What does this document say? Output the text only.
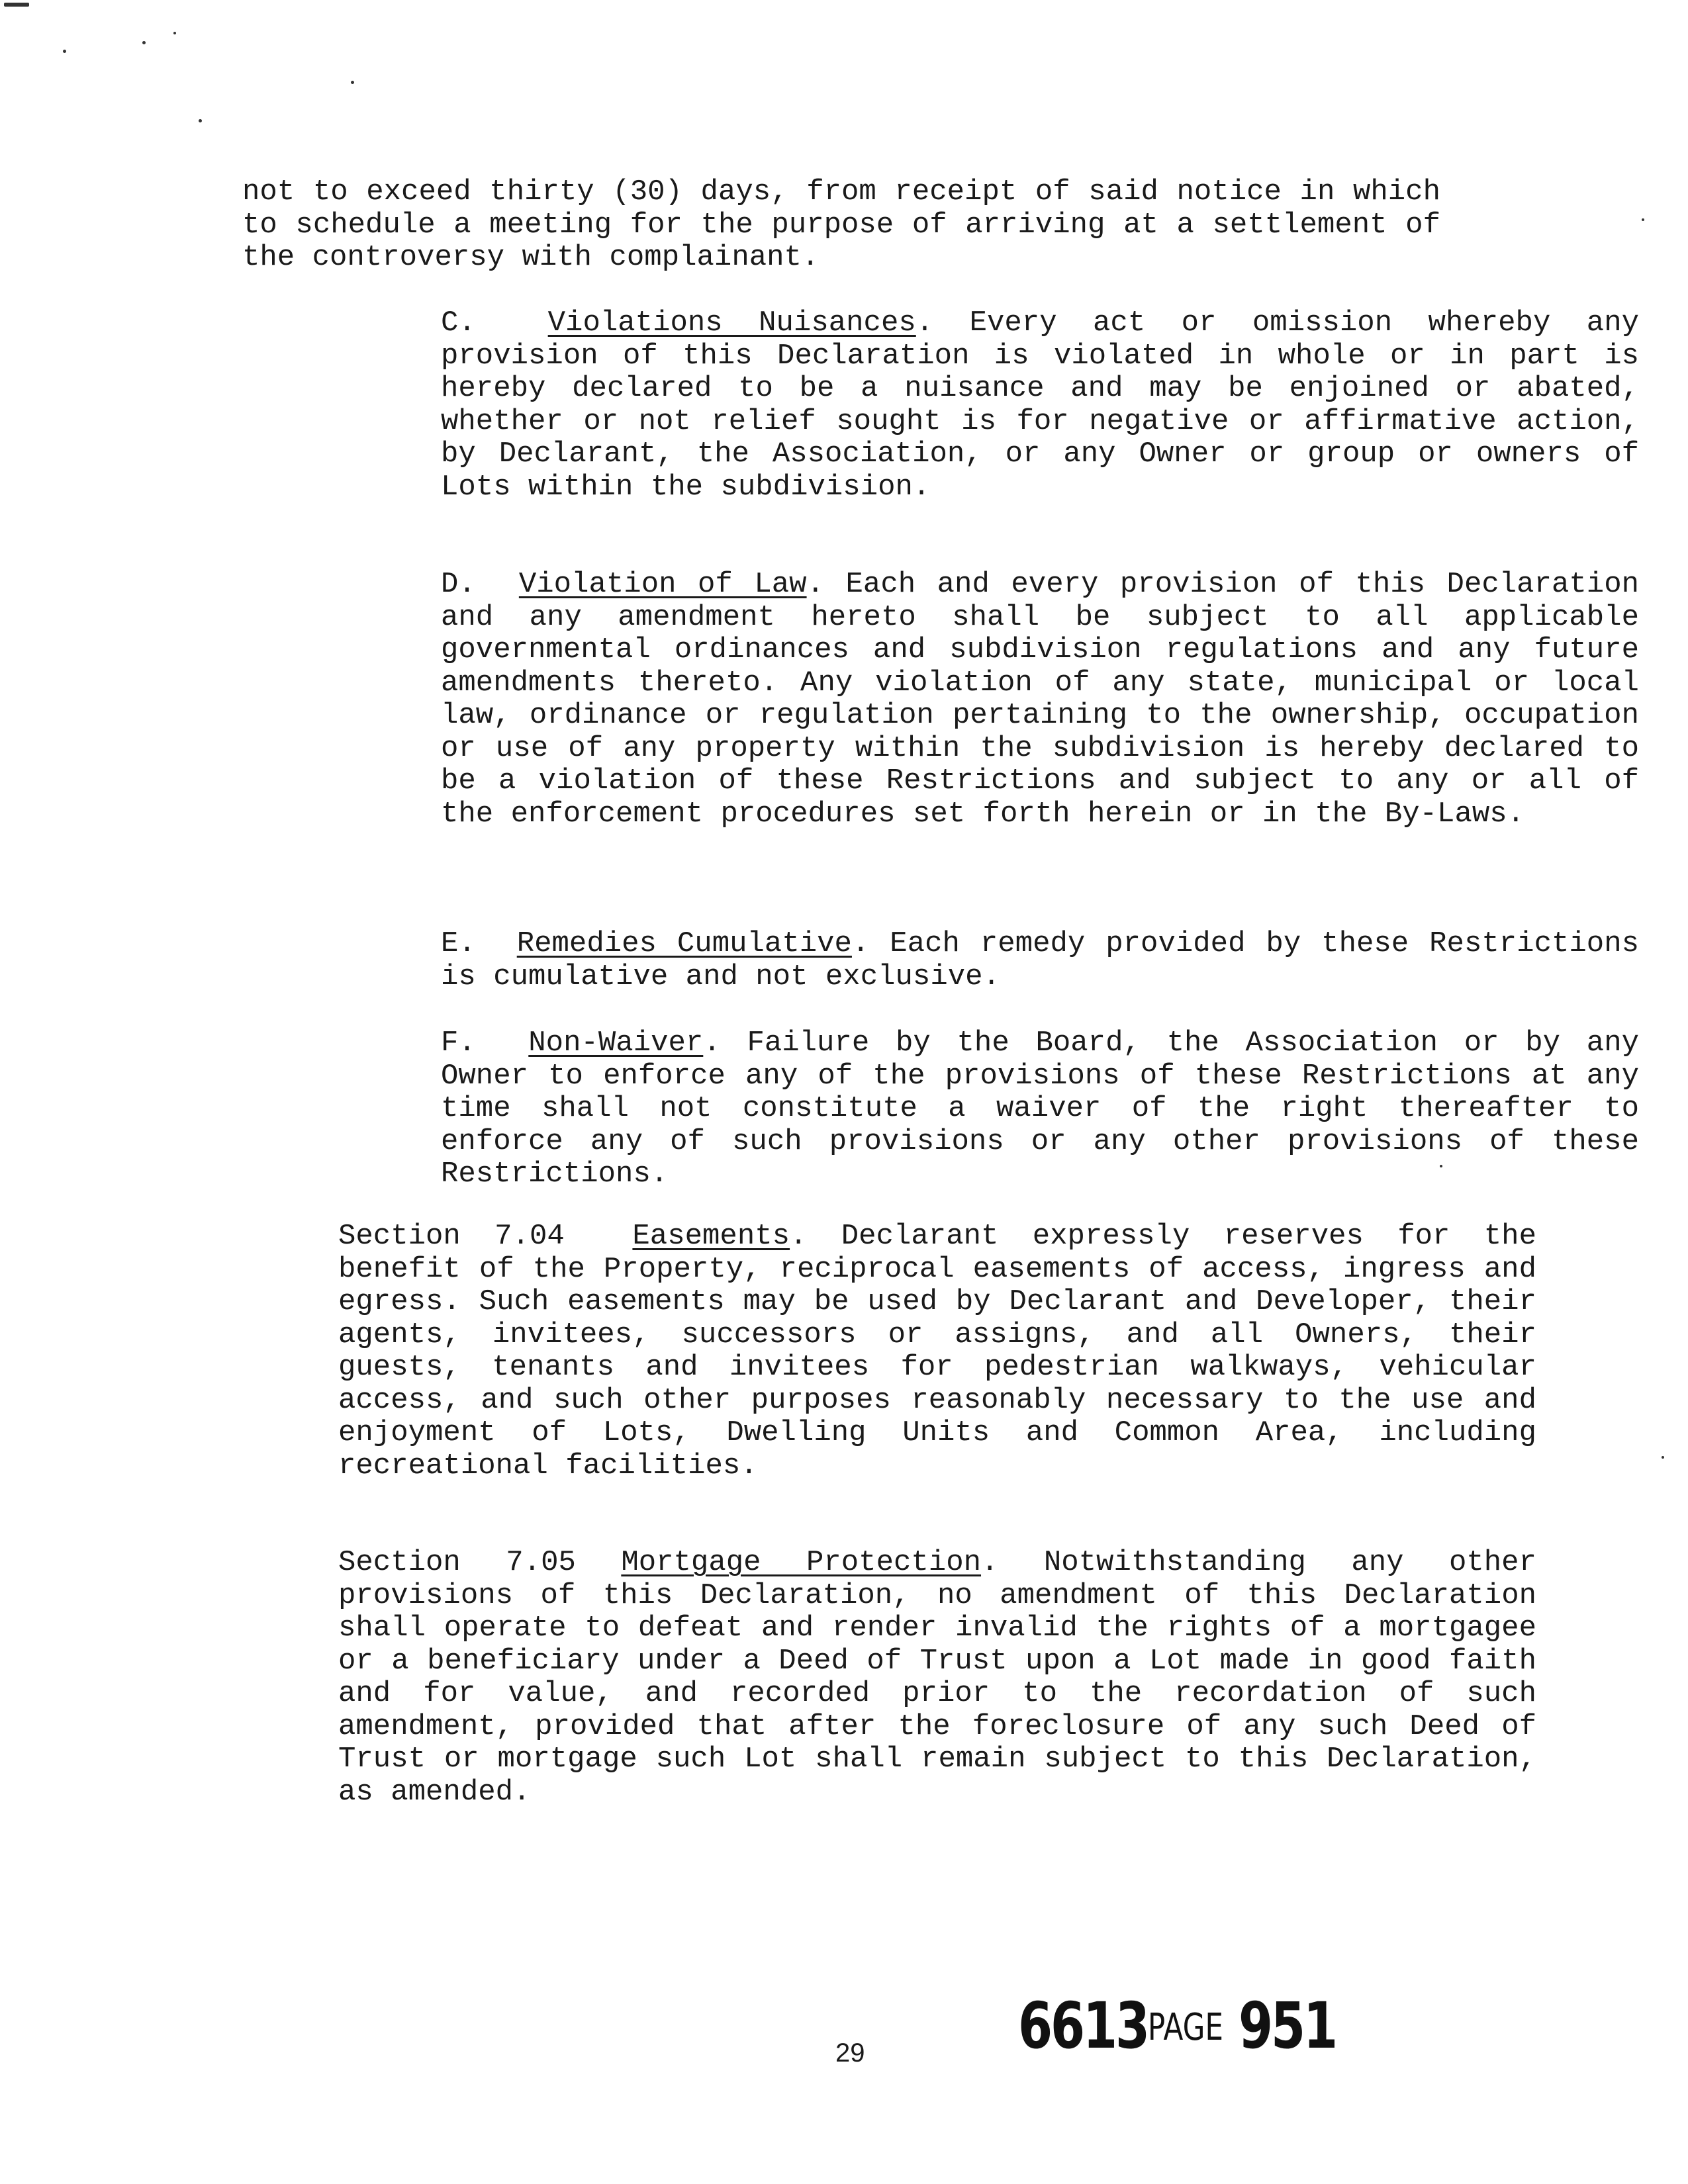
not to exceed thirty (30) days, from receipt of said notice in which to schedule a meeting for the purpose of arriving at a settlement of the controversy with complainant.

C. Violations Nuisances. Every act or omission whereby any provision of this Declaration is violated in whole or in part is hereby declared to be a nuisance and may be enjoined or abated, whether or not relief sought is for negative or affirmative action, by Declarant, the Association, or any Owner or group or owners of Lots within the subdivision.

D. Violation of Law. Each and every provision of this Declaration and any amendment hereto shall be subject to all applicable governmental ordinances and subdivision regulations and any future amendments thereto. Any violation of any state, municipal or local law, ordinance or regulation pertaining to the ownership, occupation or use of any property within the subdivision is hereby declared to be a violation of these Restrictions and subject to any or all of the enforcement procedures set forth herein or in the By-Laws.

E. Remedies Cumulative. Each remedy provided by these Restrictions is cumulative and not exclusive.

F. Non-Waiver. Failure by the Board, the Association or by any Owner to enforce any of the provisions of these Restrictions at any time shall not constitute a waiver of the right thereafter to enforce any of such provisions or any other provisions of these Restrictions.

Section 7.04 Easements. Declarant expressly reserves for the benefit of the Property, reciprocal easements of access, ingress and egress. Such easements may be used by Declarant and Developer, their agents, invitees, successors or assigns, and all Owners, their guests, tenants and invitees for pedestrian walkways, vehicular access, and such other purposes reasonably necessary to the use and enjoyment of Lots, Dwelling Units and Common Area, including recreational facilities.

Section 7.05 Mortgage Protection. Notwithstanding any other provisions of this Declaration, no amendment of this Declaration shall operate to defeat and render invalid the rights of a mortgagee or a beneficiary under a Deed of Trust upon a Lot made in good faith and for value, and recorded prior to the recordation of such amendment, provided that after the foreclosure of any such Deed of Trust or mortgage such Lot shall remain subject to this Declaration, as amended.

29 6613PAGE 951
